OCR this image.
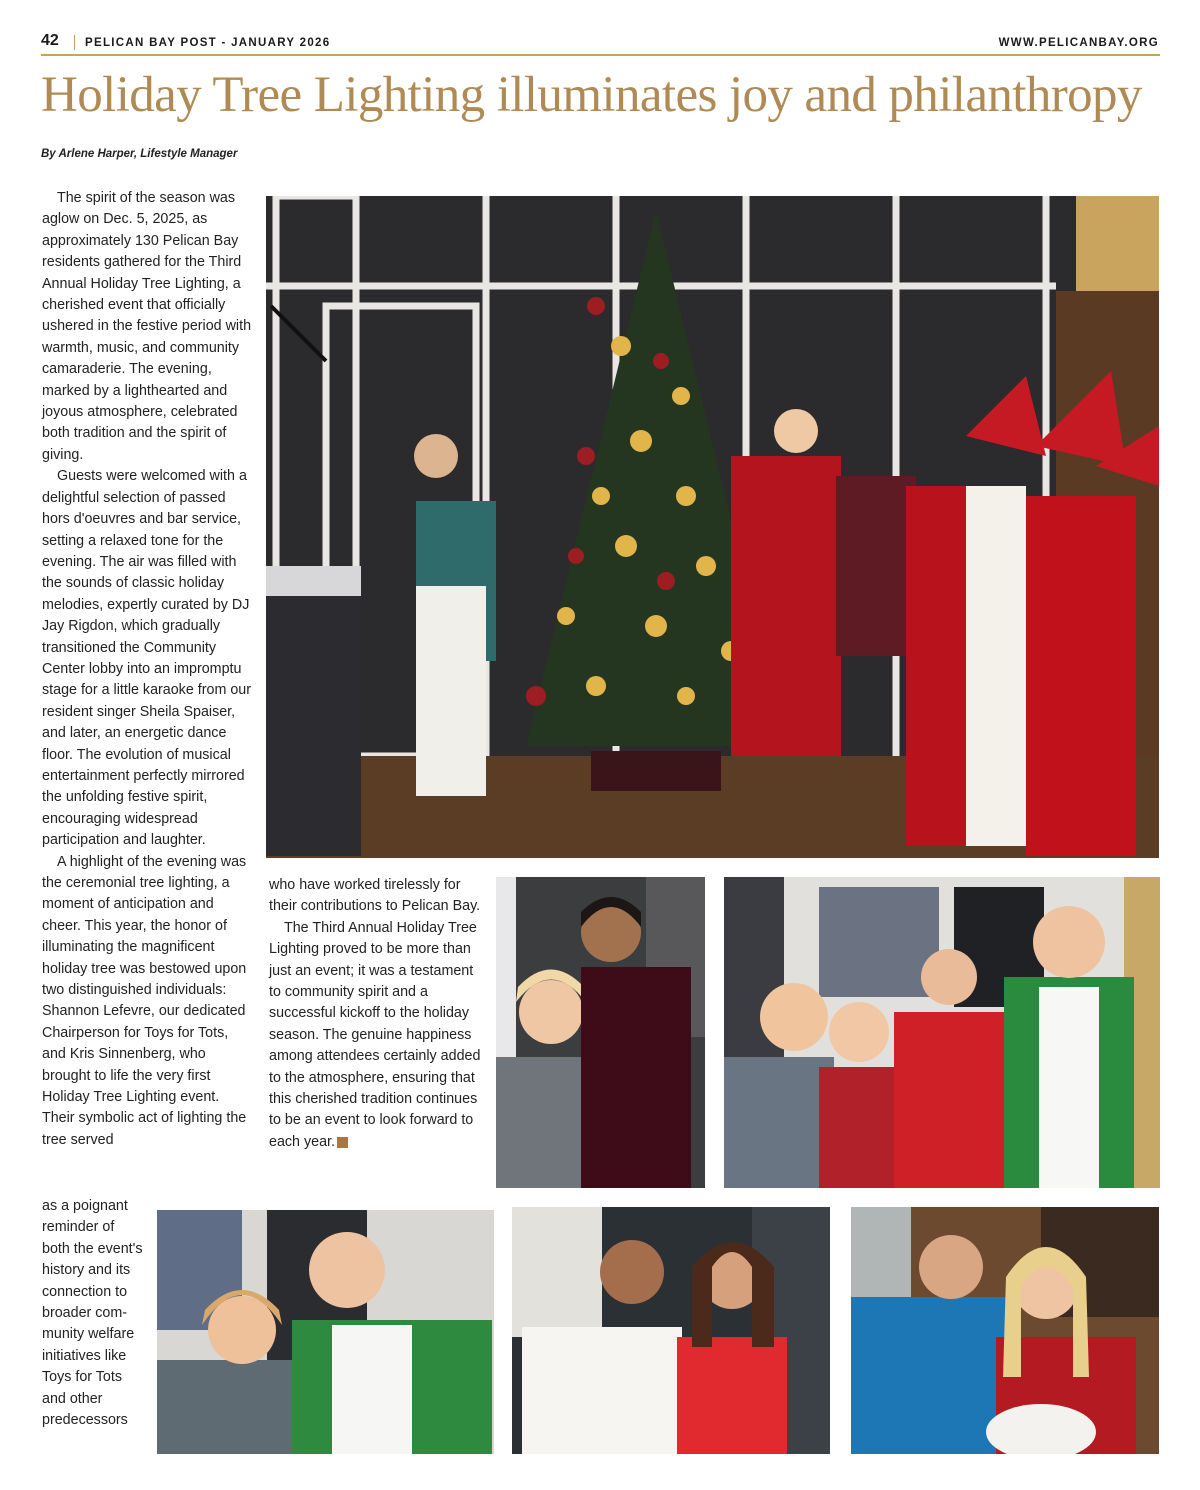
42 PELICAN BAY POST - JANUARY 2026	WWW.PELICANBAY.ORG
Holiday Tree Lighting illuminates joy and philanthropy
By Arlene Harper, Lifestyle Manager

The spirit of the season was aglow on Dec. 5, 2025, as approximately 130 Pelican Bay residents gathered for the Third Annual Holiday Tree Lighting, a cherished event that officially ushered in the festive period with warmth, music, and community camaraderie. The evening, marked by a lighthearted and joyous atmosphere, celebrated both tradition and the spirit of giving.

Guests were welcomed with a delightful selection of passed hors d'oeuvres and bar service, setting a relaxed tone for the evening. The air was filled with the sounds of classic holiday melodies, expertly curated by DJ Jay Rigdon, which gradually transitioned the Community Center lobby into an impromptu stage for a little karaoke from our resident singer Sheila Spaiser, and later, an energetic dance floor. The evolution of musical entertainment perfectly mirrored the unfolding festive spirit, encouraging widespread participation and laughter.

A highlight of the evening was the ceremonial tree lighting, a moment of anticipation and cheer. This year, the honor of illuminating the magnificent holiday tree was bestowed upon two distinguished individuals: Shannon Lefevre, our dedicated Chairperson for Toys for Tots, and Kris Sinnenberg, who brought to life the very first Holiday Tree Lighting event. Their symbolic act of lighting the tree served

as a poignant reminder of both the event's history and its connection to broader community welfare initiatives like Toys for Tots and other predecessors

who have worked tirelessly for their contributions to Pelican Bay.

The Third Annual Holiday Tree Lighting proved to be more than just an event; it was a testament to community spirit and a successful kickoff to the holiday season. The genuine happiness among attendees certainly added to the atmosphere, ensuring that this cherished tradition continues to be an event to look forward to each year.
